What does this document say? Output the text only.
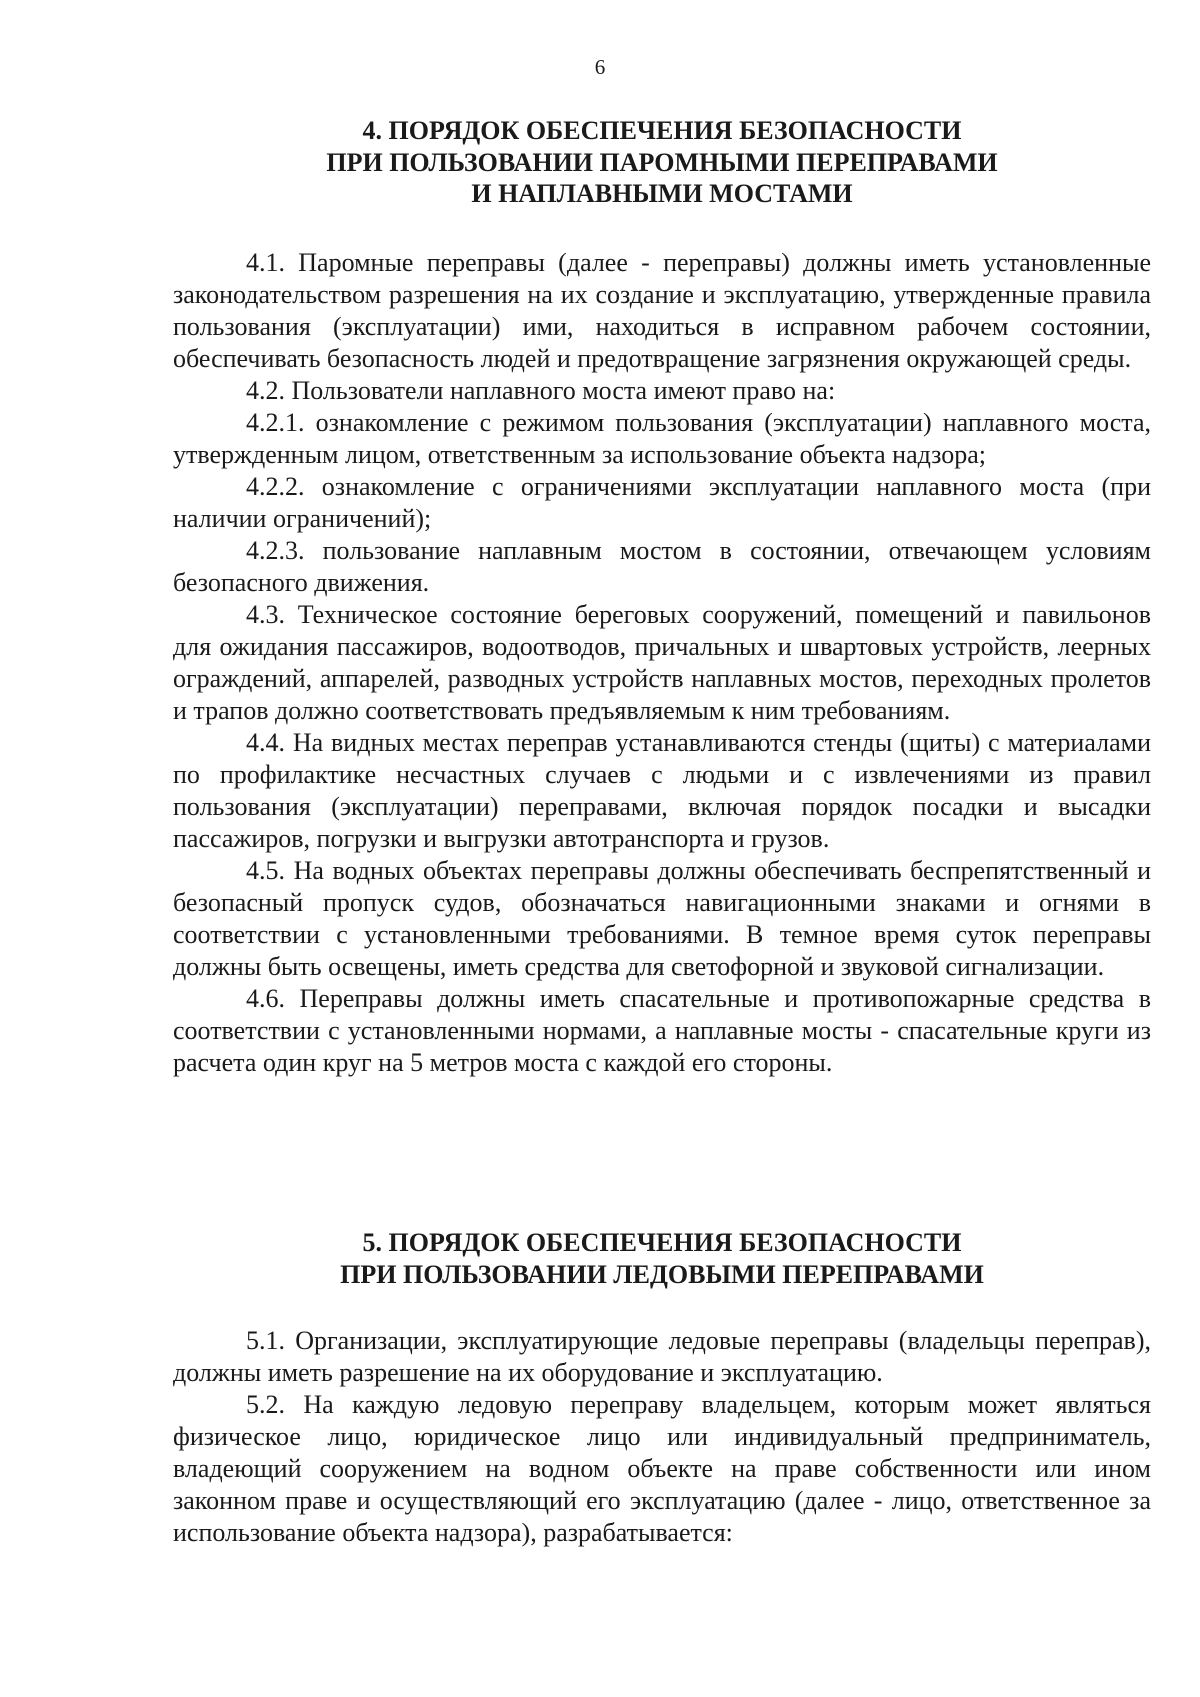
6
4. ПОРЯДОК ОБЕСПЕЧЕНИЯ БЕЗОПАСНОСТИ
ПРИ ПОЛЬЗОВАНИИ ПАРОМНЫМИ ПЕРЕПРАВАМИ
И НАПЛАВНЫМИ МОСТАМИ

4.1. Паромные переправы (далее - переправы) должны иметь установленные законодательством разрешения на их создание и эксплуатацию, утвержденные правила пользования (эксплуатации) ими, находиться в исправном рабочем состоянии, обеспечивать безопасность людей и предотвращение загрязнения окружающей среды.

4.2. Пользователи наплавного моста имеют право на:

4.2.1. ознакомление с режимом пользования (эксплуатации) наплавного моста, утвержденным лицом, ответственным за использование объекта надзора;

4.2.2. ознакомление с ограничениями эксплуатации наплавного моста (при наличии ограничений);

4.2.3. пользование наплавным мостом в состоянии, отвечающем условиям безопасного движения.

4.3. Техническое состояние береговых сооружений, помещений и павильонов для ожидания пассажиров, водоотводов, причальных и швартовых устройств, леерных ограждений, аппарелей, разводных устройств наплавных мостов, переходных пролетов и трапов должно соответствовать предъявляемым к ним требованиям.

4.4. На видных местах переправ устанавливаются стенды (щиты) с материалами по профилактике несчастных случаев с людьми и с извлечениями из правил пользования (эксплуатации) переправами, включая порядок посадки и высадки пассажиров, погрузки и выгрузки автотранспорта и грузов.

4.5. На водных объектах переправы должны обеспечивать беспрепятственный и безопасный пропуск судов, обозначаться навигационными знаками и огнями в соответствии с установленными требованиями. В темное время суток переправы должны быть освещены, иметь средства для светофорной и звуковой сигнализации.

4.6. Переправы должны иметь спасательные и противопожарные средства в соответствии с установленными нормами, а наплавные мосты - спасательные круги из расчета один круг на 5 метров моста с каждой его стороны.

5. ПОРЯДОК ОБЕСПЕЧЕНИЯ БЕЗОПАСНОСТИ
ПРИ ПОЛЬЗОВАНИИ ЛЕДОВЫМИ ПЕРЕПРАВАМИ

5.1. Организации, эксплуатирующие ледовые переправы (владельцы переправ), должны иметь разрешение на их оборудование и эксплуатацию.

5.2. На каждую ледовую переправу владельцем, которым может являться физическое лицо, юридическое лицо или индивидуальный предприниматель, владеющий сооружением на водном объекте на праве собственности или ином законном праве и осуществляющий его эксплуатацию (далее - лицо, ответственное за использование объекта надзора), разрабатывается:
